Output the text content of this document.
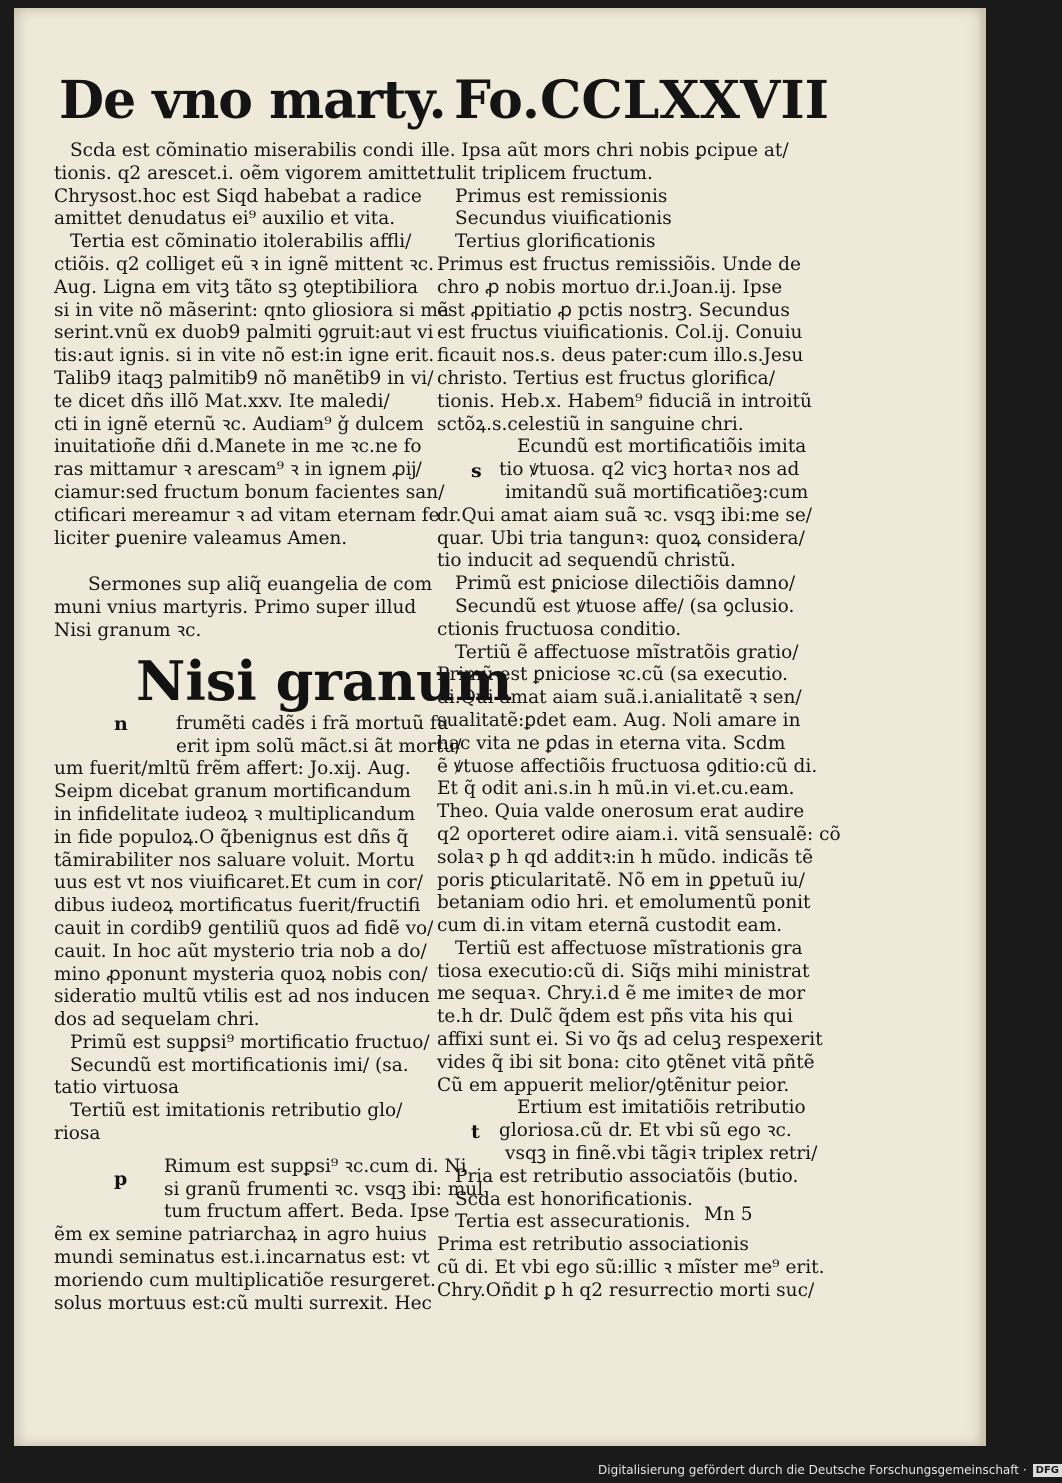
De vno marty. Fo.CCLXXVII

Scda est cõminatio miserabilis condi

tionis. q2 arescet.i. oẽm vigorem amittet.

Chrysost.hoc est Siqd habebat a radice

amittet denudatus ei⁹ auxilio et vita.

Tertia est cõminatio itolerabilis affli/

ctiõis. q2 colliget eũ ꝛ in ignẽ mittent ꝛc.

Aug. Ligna em vitꝫ tãto sꝫ ꝯteptibiliora

si in vite nõ mãserint: qnto gliosiora si mã

serint.vnũ ex duob9 palmiti ꝯgruit:aut vi

tis:aut ignis. si in vite nõ est:in igne erit.

Talib9 itaqꝫ palmitib9 nõ manẽtib9 in vi/

te dicet dñs illõ Mat.xxv. Ite maledi/

cti in ignẽ eternũ ꝛc. Audiam⁹ ǧ dulcem

inuitatioñe dñi d.Manete in me ꝛc.ne fo

ras mittamur ꝛ arescam⁹ ꝛ in ignem ꝓĳ/

ciamur:sed fructum bonum facientes san/

ctificari mereamur ꝛ ad vitam eternam fe

liciter ꝑuenire valeamus Amen.

Sermones sup aliq̃ euangelia de com

muni vnius martyris. Primo super illud

Nisi granum ꝛc.

Nisi granum
n	frumẽti cadẽs i frã mortuũ fu

erit ipm solũ mãct.si ãt mortu/

um fuerit/mltũ frẽm affert: Jo.xij. Aug.

Seipm dicebat granum mortificandum

in infidelitate iudeoꝝ ꝛ multiplicandum

in fide populoꝝ.O q̃benignus est dñs q̃

tãmirabiliter nos saluare voluit. Mortu

uus est vt nos viuificaret.Et cum in cor/

dibus iudeoꝝ mortificatus fuerit/fructifi

cauit in cordib9 gentiliũ quos ad fidẽ vo/

cauit. In hoc aũt mysterio tria nob a do/

mino ꝓponunt mysteria quoꝝ nobis con/

sideratio multũ vtilis est ad nos inducen

dos ad sequelam chri.

Primũ est supꝑsi⁹ mortificatio fructuo/

Secundũ est mortificationis imi/ (sa.

tatio virtuosa

Tertiũ est imitationis retributio glo/

riosa

p

Rimum est supꝑsi⁹ ꝛc.cum di. Ni

si granũ frumenti ꝛc. vsqꝫ ibi: mul

tum fructum affert. Beda. Ipse

ẽm ex semine patriarchaꝝ in agro huius

mundi seminatus est.i.incarnatus est: vt

moriendo cum multiplicatiõe resurgeret.

solus mortuus est:cũ multi surrexit. Hec

ille. Ipsa aũt mors chri nobis ꝑcipue at/

tulit triplicem fructum.

Primus est remissionis

Secundus viuificationis

Tertius glorificationis

Primus est fructus remissiõis. Unde de

chro ꝓ nobis mortuo dr.i.Joan.ij. Ipse

est ꝓpitiatio ꝓ pctis nostrꝫ. Secundus

est fructus viuificationis. Col.ij. Conuiu

ficauit nos.s. deus pater:cum illo.s.Jesu

christo. Tertius est fructus glorifica/

tionis. Heb.x. Habem⁹ fiduciã in introitũ

sctõꝝ.s.celestiũ in sanguine chri.

s

Ecundũ est mortificatiõis imita

tio ꝟtuosa. q2 vicꝫ hortaꝛ nos ad

imitandũ suã mortificatiõeꝫ:cum

dr.Qui amat aiam suã ꝛc. vsqꝫ ibi:me se/

quar. Ubi tria tangunꝛ: quoꝝ considera/

tio inducit ad sequendũ christũ.

Primũ est ꝑniciose dilectiõis damno/

Secundũ est ꝟtuose affe/ (sa ꝯclusio.

ctionis fructuosa conditio.

Tertiũ ẽ affectuose mĩstratõis gratio/

Primũ est ꝑniciose ꝛc.cũ (sa executio.

di.Qui amat aiam suã.i.anialitatẽ ꝛ sen/

sualitatẽ:ꝑdet eam. Aug. Noli amare in

hac vita ne ꝑdas in eterna vita. Scdm

ẽ ꝟtuose affectiõis fructuosa ꝯditio:cũ di.

Et q̃ odit ani.s.in h mũ.in vi.et.cu.eam.

Theo. Quia valde onerosum erat audire

q2 oporteret odire aiam.i. vitã sensualẽ: cõ

solaꝛ ꝑ h qd additꝛ:in h mũdo. indicãs tẽ

poris ꝑticularitatẽ. Nõ em in ꝑpetuũ iu/

betaniam odio hri. et emolumentũ ponit

cum di.in vitam eternã custodit eam.

Tertiũ est affectuose mĩstrationis gra

tiosa executio:cũ di. Siq̃s mihi ministrat

me sequaꝛ. Chry.i.d ẽ me imiteꝛ de mor

te.h dr. Dulc̃ q̃dem est pñs vita his qui

affixi sunt ei. Si vo q̃s ad celuꝫ respexerit

vides q̃ ibi sit bona: cito ꝯtẽnet vitã pñtẽ

Cũ em appuerit melior/ꝯtẽnitur peior.

t

Ertium est imitatiõis retributio

gloriosa.cũ dr. Et vbi sũ ego ꝛc.

vsqꝫ in finẽ.vbi tãgiꝛ triplex retri/

Pria est retributio associatõis (butio.

Scda est honorificationis.

Tertia est assecurationis.

Prima est retributio associationis

cũ di. Et vbi ego sũ:illic ꝛ mĩster me⁹ erit.

Chry.Oñdit ꝑ h q2 resurrectio morti suc/

Mn 5
Digitalisierung gefördert durch die Deutsche Forschungsgemeinschaft · DFG
